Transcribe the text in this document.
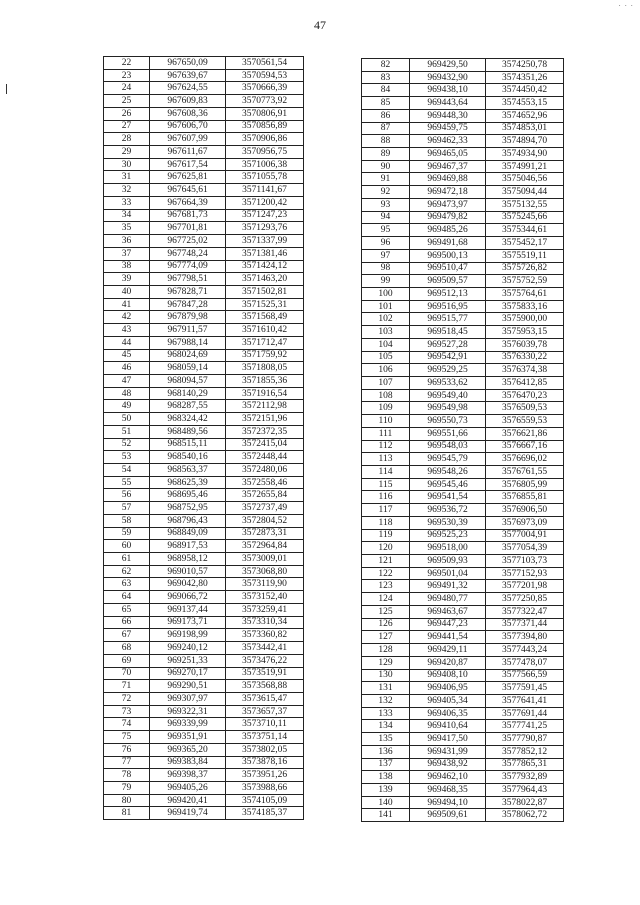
· · ·
47
22	967650,09	3570561,54
23	967639,67	3570594,53
24	967624,55	3570666,39
25	967609,83	3570773,92
26	967608,36	3570806,91
27	967606,70	3570856,89
28	967607,99	3570906,86
29	967611,67	3570956,75
30	967617,54	3571006,38
31	967625,81	3571055,78
32	967645,61	3571141,67
33	967664,39	3571200,42
34	967681,73	3571247,23
35	967701,81	3571293,76
36	967725,02	3571337,99
37	967748,24	3571381,46
38	967774,09	3571424,12
39	967798,51	3571463,20
40	967828,71	3571502,81
41	967847,28	3571525,31
42	967879,98	3571568,49
43	967911,57	3571610,42
44	967988,14	3571712,47
45	968024,69	3571759,92
46	968059,14	3571808,05
47	968094,57	3571855,36
48	968140,29	3571916,54
49	968287,55	3572112,98
50	968324,42	3572151,96
51	968489,56	3572372,35
52	968515,11	3572415,04
53	968540,16	3572448,44
54	968563,37	3572480,06
55	968625,39	3572558,46
56	968695,46	3572655,84
57	968752,95	3572737,49
58	968796,43	3572804,52
59	968849,09	3572873,31
60	968917,53	3572964,84
61	968958,12	3573009,01
62	969010,57	3573068,80
63	969042,80	3573119,90
64	969066,72	3573152,40
65	969137,44	3573259,41
66	969173,71	3573310,34
67	969198,99	3573360,82
68	969240,12	3573442,41
69	969251,33	3573476,22
70	969270,17	3573519,91
71	969290,51	3573568,88
72	969307,97	3573615,47
73	969322,31	3573657,37
74	969339,99	3573710,11
75	969351,91	3573751,14
76	969365,20	3573802,05
77	969383,84	3573878,16
78	969398,37	3573951,26
79	969405,26	3573988,66
80	969420,41	3574105,09
81	969419,74	3574185,37
82	969429,50	3574250,78
83	969432,90	3574351,26
84	969438,10	3574450,42
85	969443,64	3574553,15
86	969448,30	3574652,96
87	969459,75	3574853,01
88	969462,33	3574894,70
89	969465,05	3574934,90
90	969467,37	3574991,21
91	969469,88	3575046,56
92	969472,18	3575094,44
93	969473,97	3575132,55
94	969479,82	3575245,66
95	969485,26	3575344,61
96	969491,68	3575452,17
97	969500,13	3575519,11
98	969510,47	3575726,82
99	969509,57	3575752,59
100	969512,13	3575764,61
101	969516,95	3575833,16
102	969515,77	3575900,00
103	969518,45	3575953,15
104	969527,28	3576039,78
105	969542,91	3576330,22
106	969529,25	3576374,38
107	969533,62	3576412,85
108	969549,40	3576470,23
109	969549,98	3576509,53
110	969550,73	3576559,53
111	969551,66	3576621,86
112	969548,03	3576667,16
113	969545,79	3576696,02
114	969548,26	3576761,55
115	969545,46	3576805,99
116	969541,54	3576855,81
117	969536,72	3576906,50
118	969530,39	3576973,09
119	969525,23	3577004,91
120	969518,00	3577054,39
121	969509,93	3577103,73
122	969501,04	3577152,93
123	969491,32	3577201,98
124	969480,77	3577250,85
125	969463,67	3577322,47
126	969447,23	3577371,44
127	969441,54	3577394,80
128	969429,11	3577443,24
129	969420,87	3577478,07
130	969408,10	3577566,59
131	969406,95	3577591,45
132	969405,34	3577641,41
133	969406,35	3577691,44
134	969410,64	3577741,25
135	969417,50	3577790,87
136	969431,99	3577852,12
137	969438,92	3577865,31
138	969462,10	3577932,89
139	969468,35	3577964,43
140	969494,10	3578022,87
141	969509,61	3578062,72
